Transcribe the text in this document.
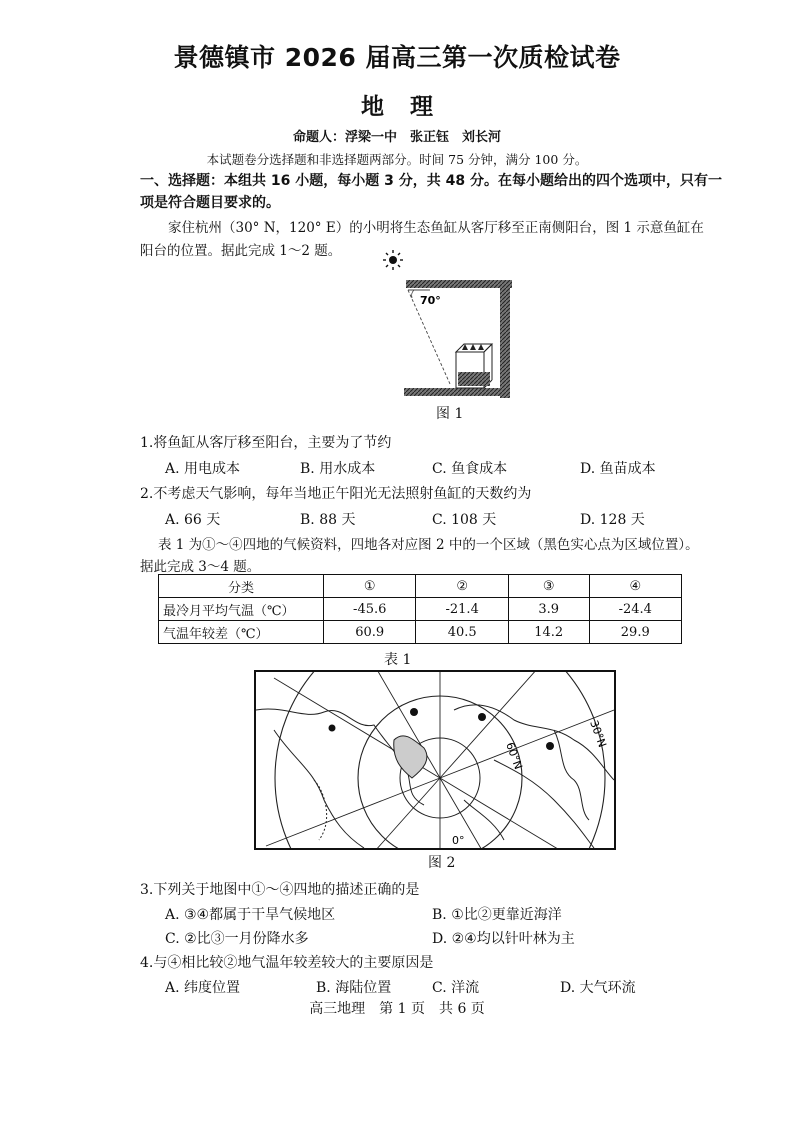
景德镇市 2026 届高三第一次质检试卷
地理
命题人：浮梁一中　张正钰　刘长河
本试题卷分选择题和非选择题两部分。时间 75 分钟，满分 100 分。
一、选择题：本组共 16 小题，每小题 3 分，共 48 分。在每小题给出的四个选项中，只有一
项是符合题目要求的。
家住杭州（30° N，120° E）的小明将生态鱼缸从客厅移至正南侧阳台，图 1 示意鱼缸在
阳台的位置。据此完成 1～2 题。
70°
图 1
1.将鱼缸从客厅移至阳台，主要为了节约
A. 用电成本	B. 用水成本	C. 鱼食成本	D. 鱼苗成本
2.不考虑天气影响，每年当地正午阳光无法照射鱼缸的天数约为
A. 66 天	B. 88 天	C. 108 天	D. 128 天
表 1 为①～④四地的气候资料，四地各对应图 2 中的一个区域（黑色实心点为区域位置）。
据此完成 3～4 题。
分类	①	②	③	④
最冷月平均气温（℃）	-45.6	-21.4	3.9	-24.4
气温年较差（℃）	60.9	40.5	14.2	29.9
表 1
60°N
30°N
0°
图 2
3.下列关于地图中①～④四地的描述正确的是
A. ③④都属于干旱气候地区	B. ①比②更靠近海洋
C. ②比③一月份降水多	D. ②④均以针叶林为主
4.与④相比较②地气温年较差较大的主要原因是
A. 纬度位置	B. 海陆位置	C. 洋流	D. 大气环流
高三地理　第 1 页　共 6 页
